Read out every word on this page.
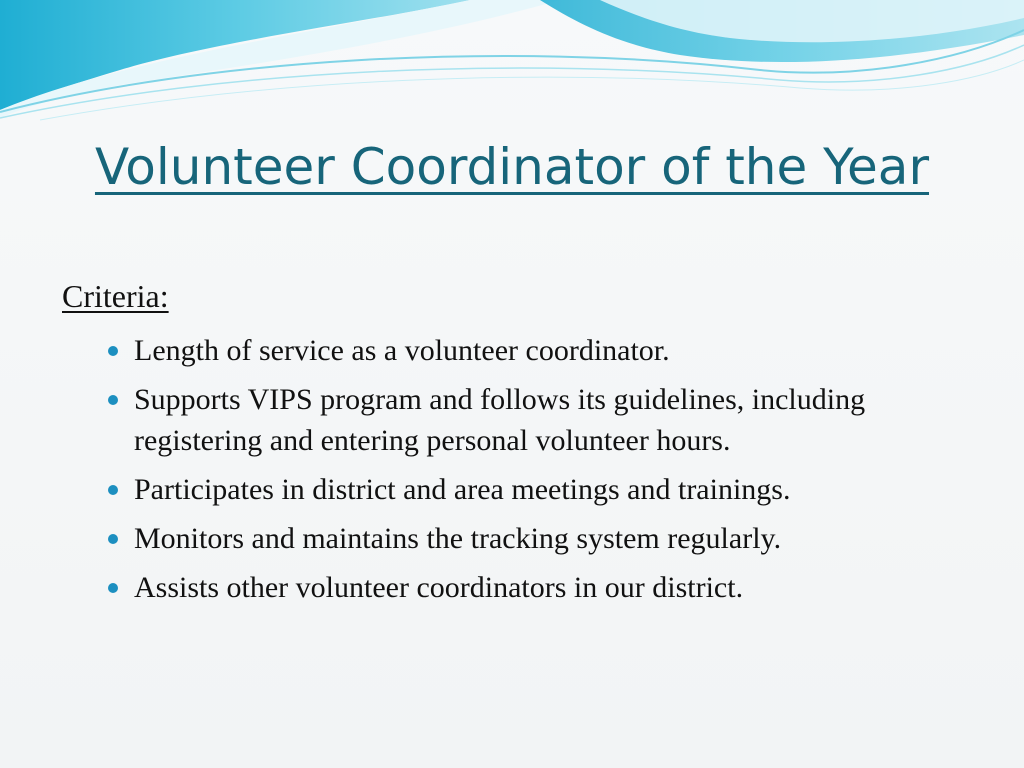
Volunteer Coordinator of the Year
Criteria:
Length of service as a volunteer coordinator.
Supports VIPS program and follows its guidelines, including registering and entering personal volunteer hours.
Participates in district and area meetings and trainings.
Monitors and maintains the tracking system regularly.
Assists other volunteer coordinators in our district.
